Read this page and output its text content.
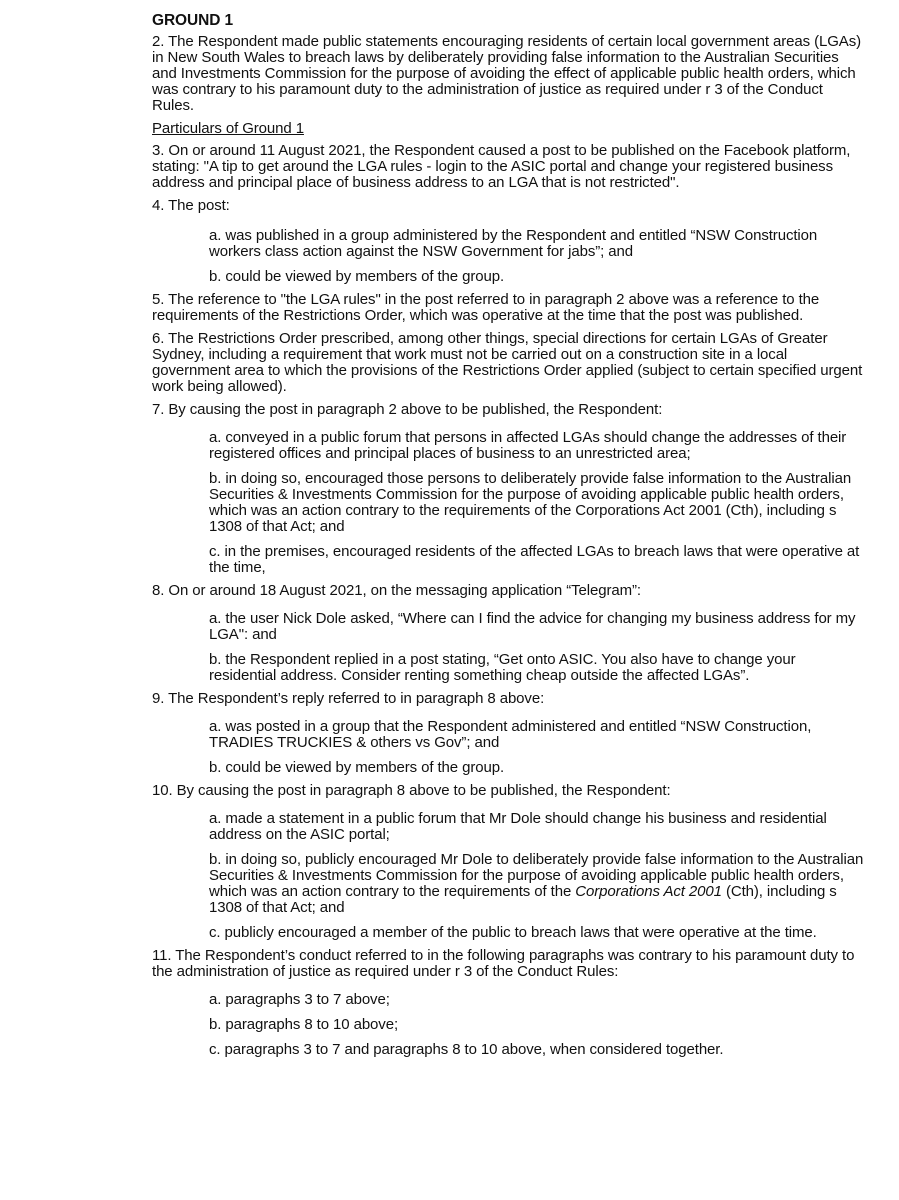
GROUND 1
2. The Respondent made public statements encouraging residents of certain local government areas (LGAs) in New South Wales to breach laws by deliberately providing false information to the Australian Securities and Investments Commission for the purpose of avoiding the effect of applicable public health orders, which was contrary to his paramount duty to the administration of justice as required under r 3 of the Conduct Rules.
Particulars of Ground 1
3. On or around 11 August 2021, the Respondent caused a post to be published on the Facebook platform, stating: "A tip to get around the LGA rules - login to the ASIC portal and change your registered business address and principal place of business address to an LGA that is not restricted".
4. The post:
a. was published in a group administered by the Respondent and entitled “NSW Construction workers class action against the NSW Government for jabs”; and
b. could be viewed by members of the group.
5. The reference to "the LGA rules" in the post referred to in paragraph 2 above was a reference to the requirements of the Restrictions Order, which was operative at the time that the post was published.
6. The Restrictions Order prescribed, among other things, special directions for certain LGAs of Greater Sydney, including a requirement that work must not be carried out on a construction site in a local government area to which the provisions of the Restrictions Order applied (subject to certain specified urgent work being allowed).
7. By causing the post in paragraph 2 above to be published, the Respondent:
a. conveyed in a public forum that persons in affected LGAs should change the addresses of their registered offices and principal places of business to an unrestricted area;
b. in doing so, encouraged those persons to deliberately provide false information to the Australian Securities & Investments Commission for the purpose of avoiding applicable public health orders, which was an action contrary to the requirements of the Corporations Act 2001 (Cth), including s 1308 of that Act; and
c. in the premises, encouraged residents of the affected LGAs to breach laws that were operative at the time,
8. On or around 18 August 2021, on the messaging application “Telegram”:
a. the user Nick Dole asked, “Where can I find the advice for changing my business address for my LGA": and
b. the Respondent replied in a post stating, “Get onto ASIC. You also have to change your residential address. Consider renting something cheap outside the affected LGAs”.
9. The Respondent’s reply referred to in paragraph 8 above:
a. was posted in a group that the Respondent administered and entitled “NSW Construction, TRADIES TRUCKIES & others vs Gov”; and
b. could be viewed by members of the group.
10. By causing the post in paragraph 8 above to be published, the Respondent:
a. made a statement in a public forum that Mr Dole should change his business and residential address on the ASIC portal;
b. in doing so, publicly encouraged Mr Dole to deliberately provide false information to the Australian Securities & Investments Commission for the purpose of avoiding applicable public health orders, which was an action contrary to the requirements of the Corporations Act 2001 (Cth), including s 1308 of that Act; and
c. publicly encouraged a member of the public to breach laws that were operative at the time.
11. The Respondent’s conduct referred to in the following paragraphs was contrary to his paramount duty to the administration of justice as required under r 3 of the Conduct Rules:
a. paragraphs 3 to 7 above;
b. paragraphs 8 to 10 above;
c. paragraphs 3 to 7 and paragraphs 8 to 10 above, when considered together.
